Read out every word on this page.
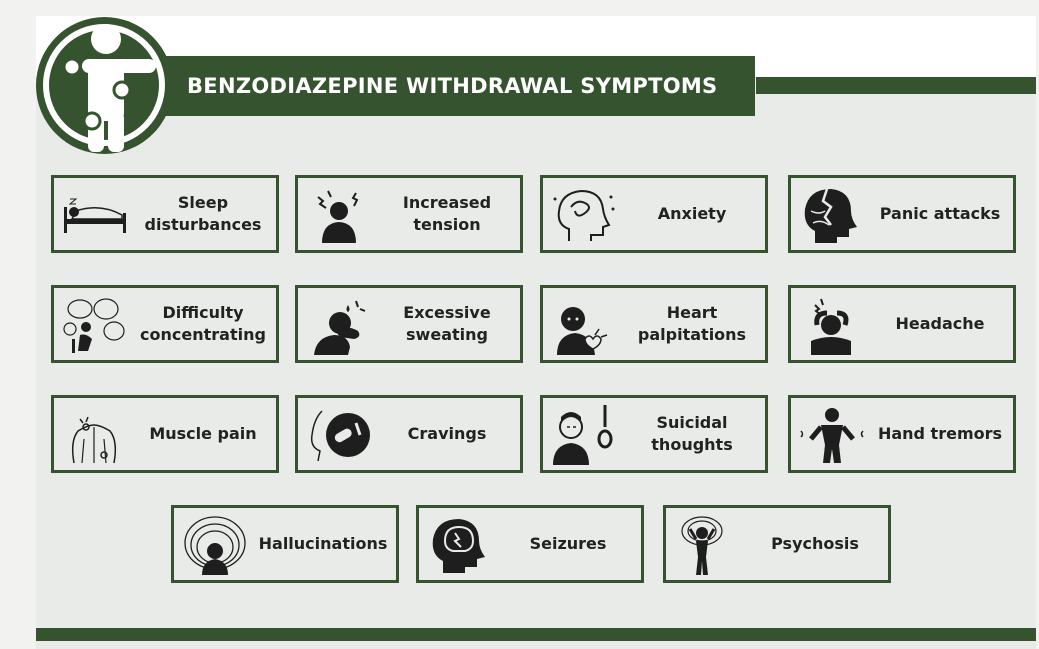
BENZODIAZEPINE WITHDRAWAL SYMPTOMS
Sleep
disturbances
Increased
tension
Anxiety	Panic attacks
Difficulty
concentrating
Excessive
sweating
Heart
palpitations
Headache
Muscle pain	Cravings
Suicidal
thoughts
Hand tremors
Hallucinations	Seizures	Psychosis
